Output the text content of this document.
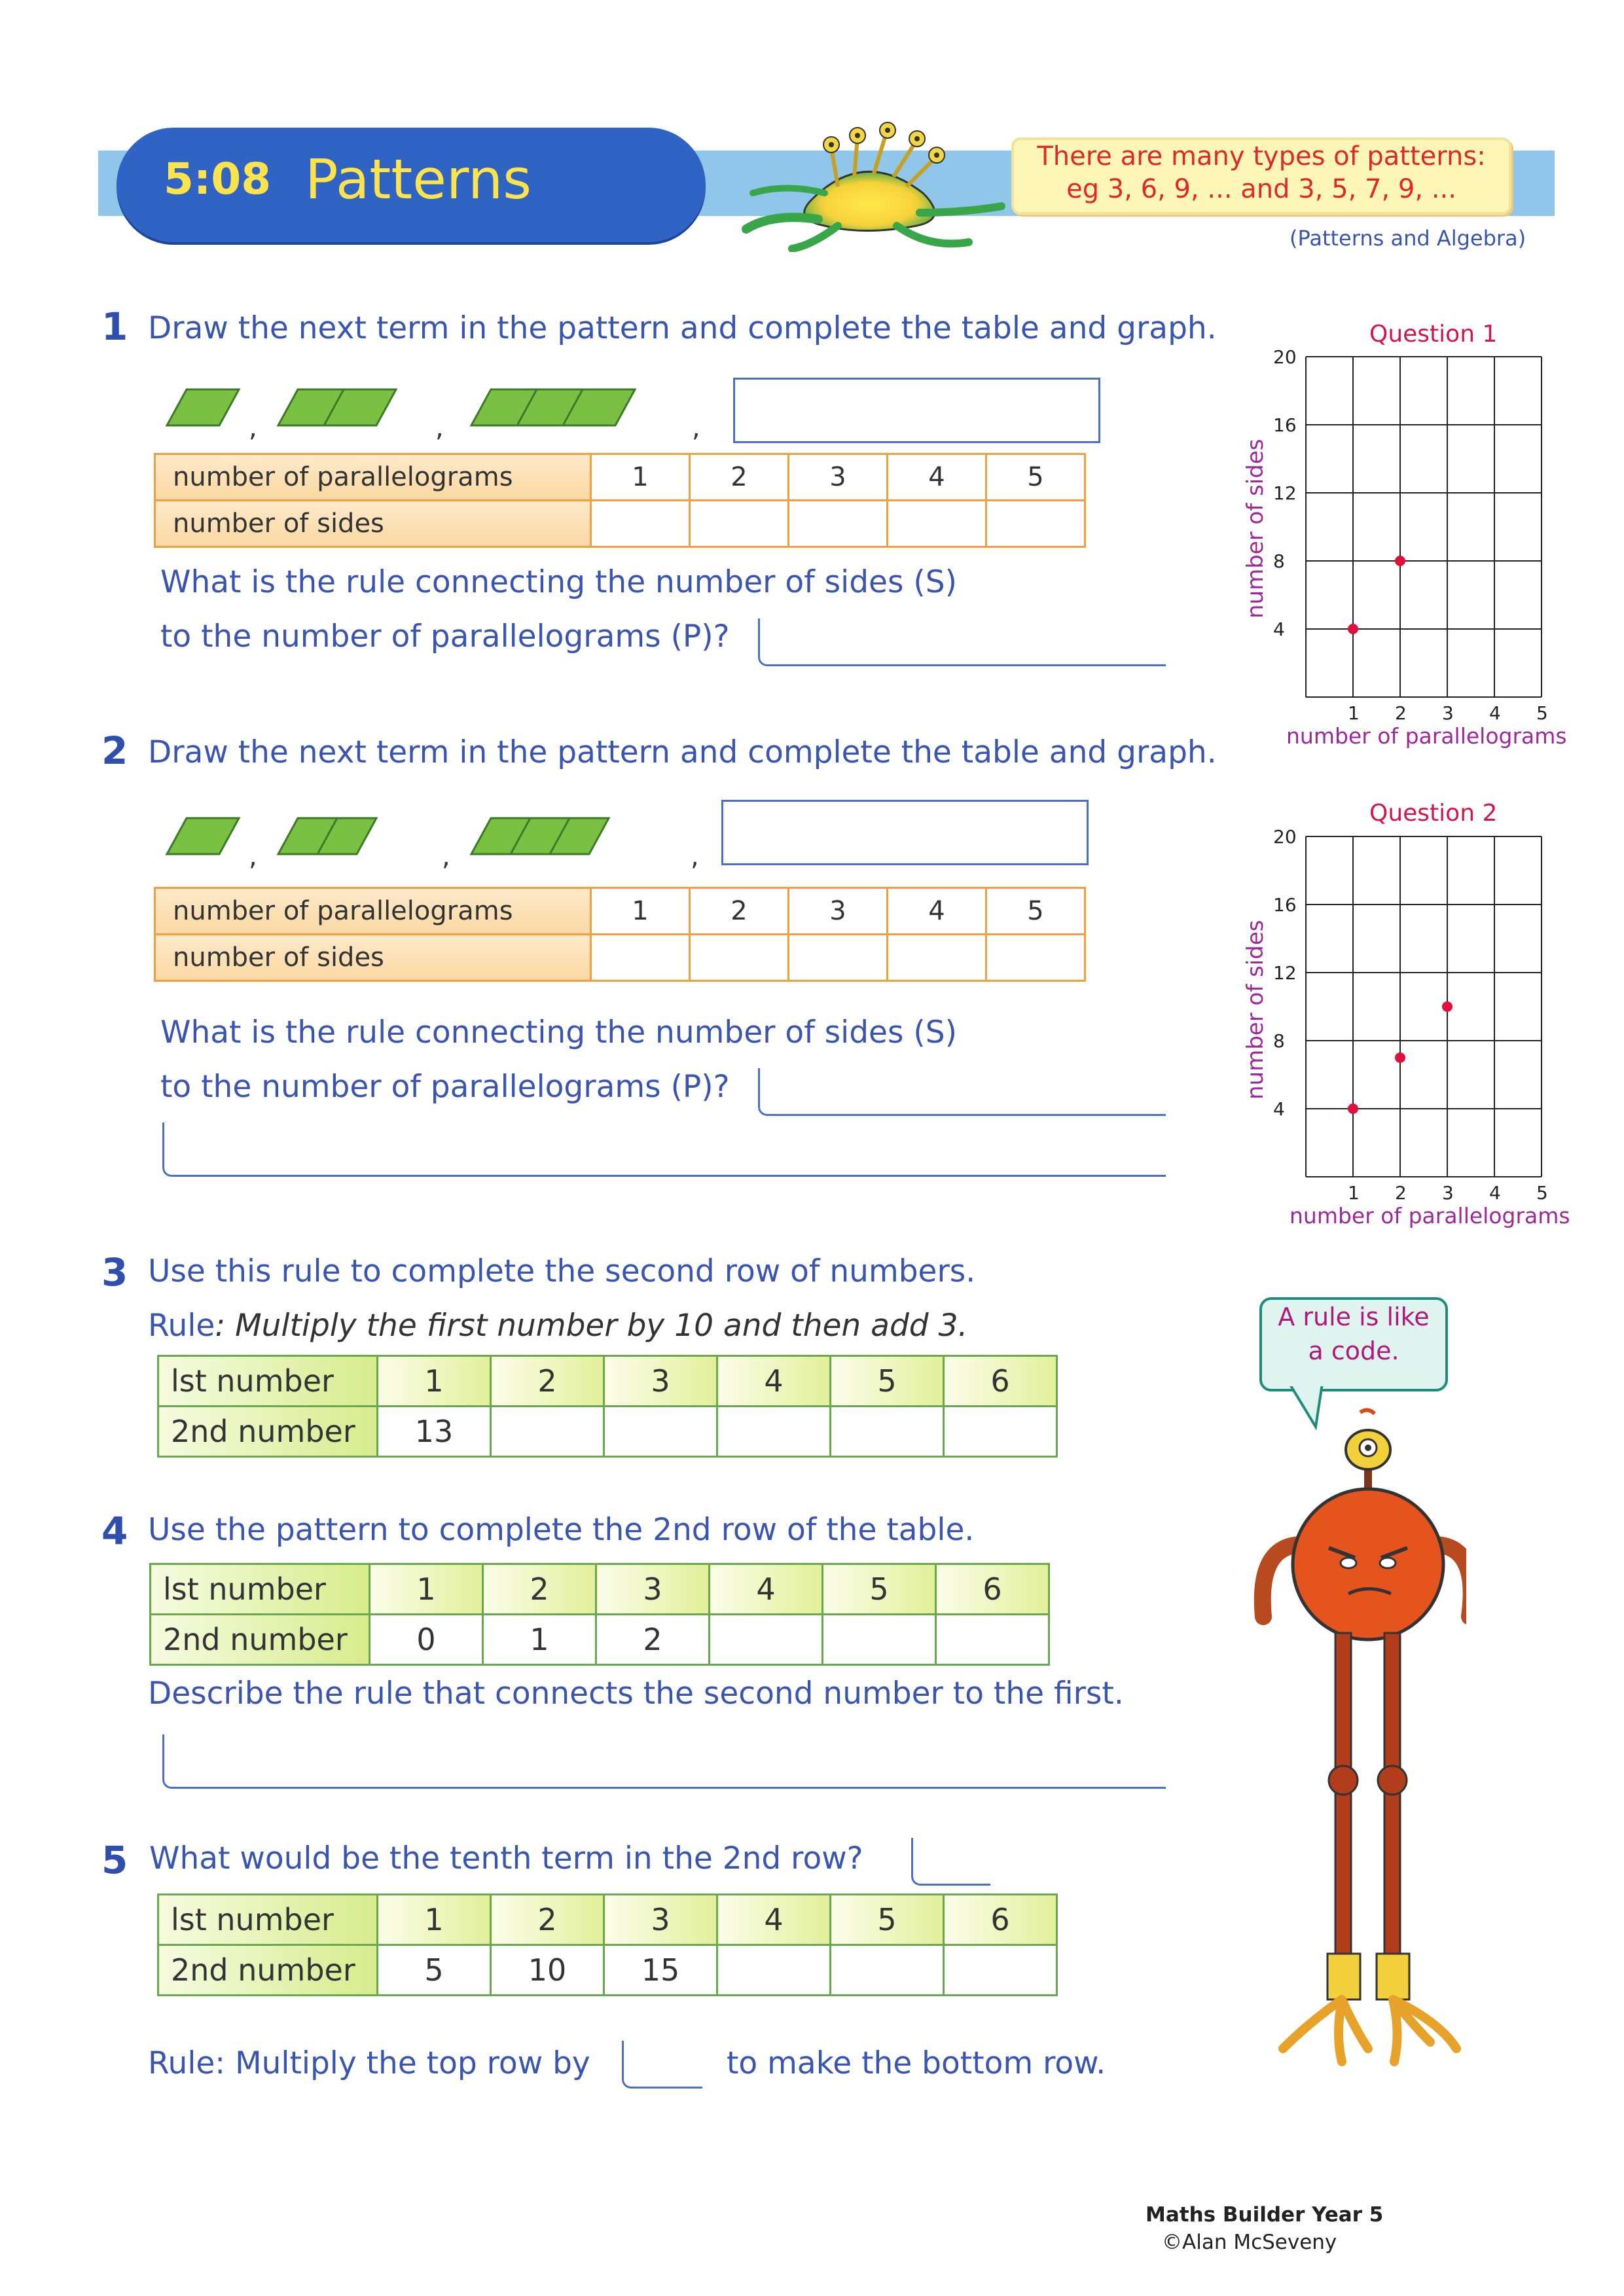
5:08 Patterns	There are many types of patterns:
eg 3, 6, 9, ... and 3, 5, 7, 9, ...
(Patterns and Algebra)
1 Draw the next term in the pattern and complete the table and graph.
,	,	,
number of parallelograms	1	2	3	4	5
number of sides					
What is the rule connecting the number of sides (S)
to the number of parallelograms (P)?
Question 1
number of sides
number of parallelograms
1 2 3 4 5
4
8
12
16
20
2 Draw the next term in the pattern and complete the table and graph.
,	,	,
number of parallelograms	1	2	3	4	5
number of sides					
What is the rule connecting the number of sides (S)
to the number of parallelograms (P)?
Question 2
number of sides
number of parallelograms
1 2 3 4 5
4
8
12
16
20
3 Use this rule to complete the second row of numbers.
Rule: Multiply the first number by 10 and then add 3.
lst number	1	2	3	4	5	6
2nd number	13					
4 Use the pattern to complete the 2nd row of the table.
lst number	1	2	3	4	5	6
2nd number	0	1	2			
Describe the rule that connects the second number to the first.
5 What would be the tenth term in the 2nd row?
lst number	1	2	3	4	5	6
2nd number	5	10	15			
Rule: Multiply the top row by	to make the bottom row.
A rule is like
a code.
Maths Builder Year 5
©Alan McSeveny
